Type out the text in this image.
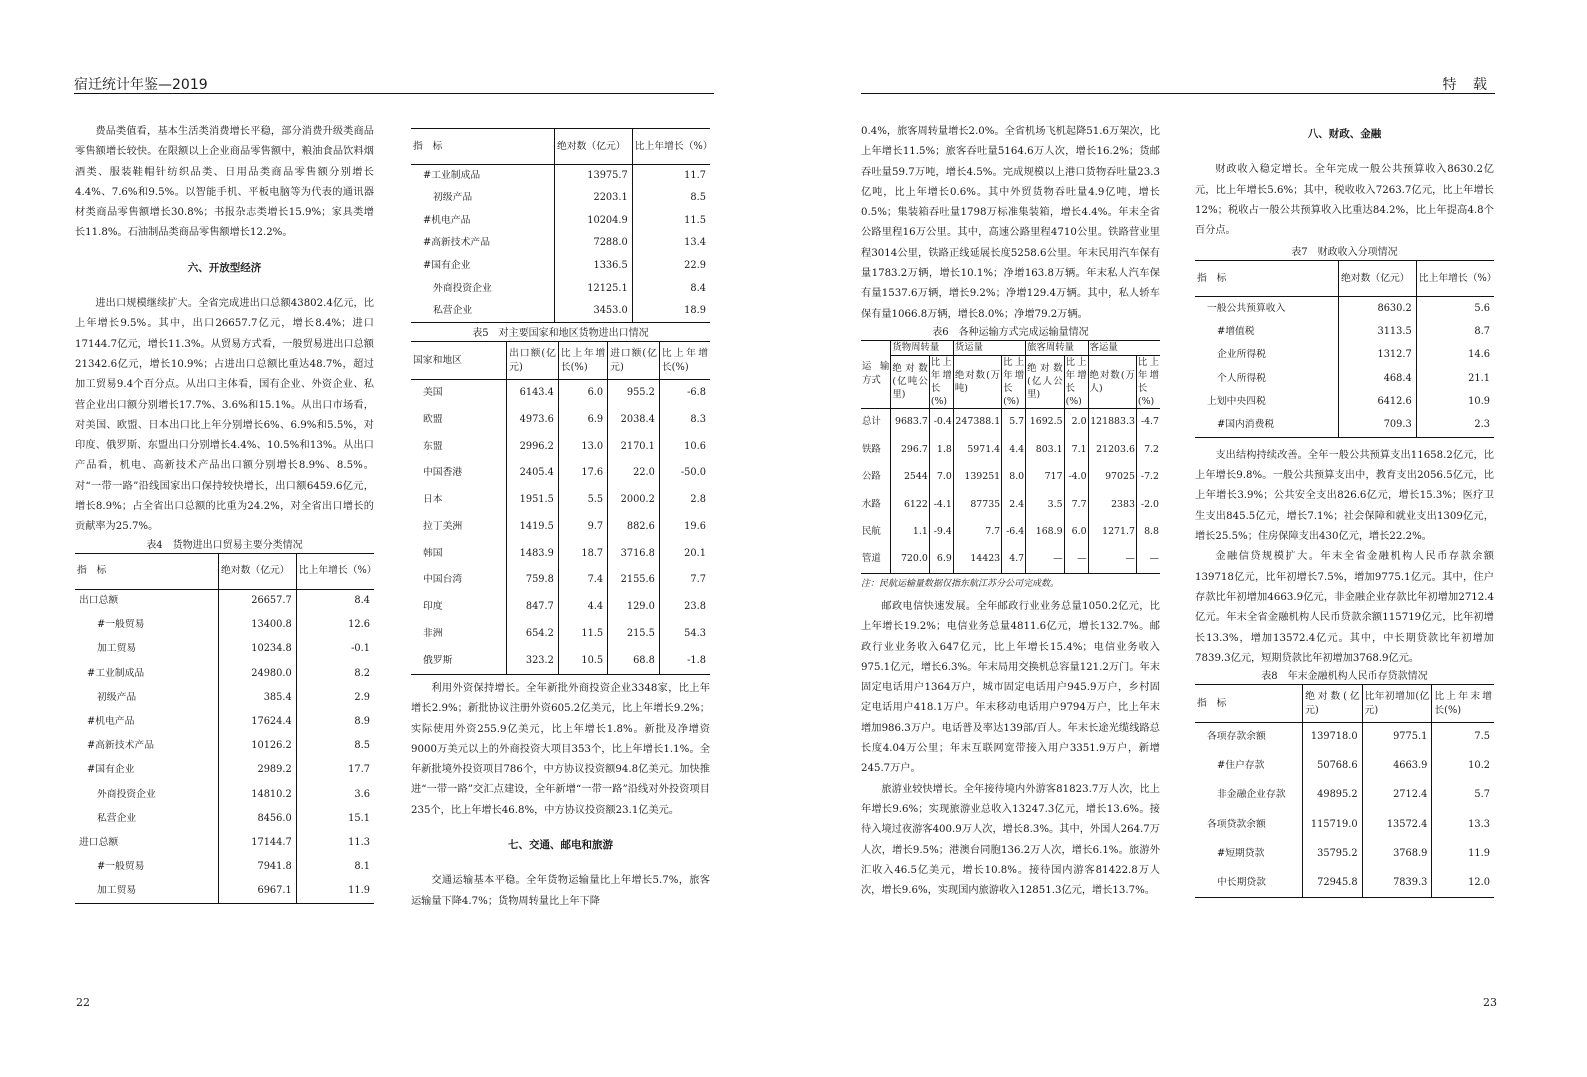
宿迁统计年鉴—2019	特 载

费品类值看，基本生活类消费增长平稳，部分消费升级类商品零售额增长较快。在限额以上企业商品零售额中，粮油食品饮料烟酒类、服装鞋帽针纺织品类、日用品类商品零售额分别增长4.4%、7.6%和9.5%。以智能手机、平板电脑等为代表的通讯器材类商品零售额增长30.8%；书报杂志类增长15.9%；家具类增长11.8%。石油制品类商品零售额增长12.2%。

六、开放型经济

进出口规模继续扩大。全省完成进出口总额43802.4亿元，比上年增长9.5%。其中，出口26657.7亿元，增长8.4%；进口17144.7亿元，增长11.3%。从贸易方式看，一般贸易进出口总额21342.6亿元，增长10.9%；占进出口总额比重达48.7%，超过加工贸易9.4个百分点。从出口主体看，国有企业、外资企业、私营企业出口额分别增长17.7%、3.6%和15.1%。从出口市场看，对美国、欧盟、日本出口比上年分别增长6%、6.9%和5.5%，对印度、俄罗斯、东盟出口分别增长4.4%、10.5%和13%。从出口产品看，机电、高新技术产品出口额分别增长8.9%、8.5%。对“一带一路”沿线国家出口保持较快增长，出口额6459.6亿元，增长8.9%；占全省出口总额的比重为24.2%，对全省出口增长的贡献率为25.7%。

表4　货物进出口贸易主要分类情况
指　标	绝对数（亿元）	比上年增长（%）
出口总额	26657.7	8.4
#一般贸易	13400.8	12.6
加工贸易	10234.8	-0.1
#工业制成品	24980.0	8.2
初级产品	385.4	2.9
#机电产品	17624.4	8.9
#高新技术产品	10126.2	8.5
#国有企业	2989.2	17.7
外商投资企业	14810.2	3.6
私营企业	8456.0	15.1
进口总额	17144.7	11.3
#一般贸易	7941.8	8.1
加工贸易	6967.1	11.9
指　标	绝对数（亿元）	比上年增长（%）
#工业制成品	13975.7	11.7
初级产品	2203.1	8.5
#机电产品	10204.9	11.5
#高新技术产品	7288.0	13.4
#国有企业	1336.5	22.9
外商投资企业	12125.1	8.4
私营企业	3453.0	18.9
表5　对主要国家和地区货物进出口情况
国家和地区	出口额(亿元)	比上年增长(%)	进口额(亿元)	比上年增长(%)
美国	6143.4	6.0	955.2	-6.8
欧盟	4973.6	6.9	2038.4	8.3
东盟	2996.2	13.0	2170.1	10.6
中国香港	2405.4	17.6	22.0	-50.0
日本	1951.5	5.5	2000.2	2.8
拉丁美洲	1419.5	9.7	882.6	19.6
韩国	1483.9	18.7	3716.8	20.1
中国台湾	759.8	7.4	2155.6	7.7
印度	847.7	4.4	129.0	23.8
非洲	654.2	11.5	215.5	54.3
俄罗斯	323.2	10.5	68.8	-1.8

利用外资保持增长。全年新批外商投资企业3348家，比上年增长2.9%；新批协议注册外资605.2亿美元，比上年增长9.2%；实际使用外资255.9亿美元，比上年增长1.8%。新批及净增资9000万美元以上的外商投资大项目353个，比上年增长1.1%。全年新批境外投资项目786个，中方协议投资额94.8亿美元。加快推进“一带一路”交汇点建设，全年新增“一带一路”沿线对外投资项目235个，比上年增长46.8%，中方协议投资额23.1亿美元。

七、交通、邮电和旅游

交通运输基本平稳。全年货物运输量比上年增长5.7%，旅客运输量下降4.7%；货物周转量比上年下降

0.4%，旅客周转量增长2.0%。全省机场飞机起降51.6万架次，比上年增长11.5%；旅客吞吐量5164.6万人次，增长16.2%；货邮吞吐量59.7万吨，增长4.5%。完成规模以上港口货物吞吐量23.3亿吨，比上年增长0.6%。其中外贸货物吞吐量4.9亿吨，增长0.5%；集装箱吞吐量1798万标准集装箱，增长4.4%。年末全省公路里程16万公里。其中，高速公路里程4710公里。铁路营业里程3014公里，铁路正线延展长度5258.6公里。年末民用汽车保有量1783.2万辆，增长10.1%；净增163.8万辆。年末私人汽车保有量1537.6万辆，增长9.2%；净增129.4万辆。其中，私人轿车保有量1066.8万辆，增长8.0%；净增79.2万辆。

表6　各种运输方式完成运输量情况
运输方式	货物周转量		货运量		旅客周转量		客运量	
	绝对数(亿吨公里)	比上年增长(%)	绝对数(万吨)	比上年增长(%)	绝对数(亿人公里)	比上年增长(%)	绝对数(万人)	比上年增长(%)
总计	9683.7	-0.4	247388.1	5.7	1692.5	2.0	121883.3	-4.7
铁路	296.7	1.8	5971.4	4.4	803.1	7.1	21203.6	7.2
公路	2544	7.0	139251	8.0	717	-4.0	97025	-7.2
水路	6122	-4.1	87735	2.4	3.5	7.7	2383	-2.0
民航	1.1	-9.4	7.7	-6.4	168.9	6.0	1271.7	8.8
管道	720.0	6.9	14423	4.7	—	—	—	—
注：民航运输量数据仅指东航江苏分公司完成数。

邮政电信快速发展。全年邮政行业业务总量1050.2亿元，比上年增长19.2%；电信业务总量4811.6亿元，增长132.7%。邮政行业业务收入647亿元，比上年增长15.4%；电信业务收入975.1亿元，增长6.3%。年末局用交换机总容量121.2万门。年末固定电话用户1364万户，城市固定电话用户945.9万户，乡村固定电话用户418.1万户。年末移动电话用户9794万户，比上年末增加986.3万户。电话普及率达139部/百人。年末长途光缆线路总长度4.04万公里；年末互联网宽带接入用户3351.9万户，新增245.7万户。

旅游业较快增长。全年接待境内外游客81823.7万人次，比上年增长9.6%；实现旅游业总收入13247.3亿元，增长13.6%。接待入境过夜游客400.9万人次，增长8.3%。其中，外国人264.7万人次，增长9.5%；港澳台同胞136.2万人次，增长6.1%。旅游外汇收入46.5亿美元，增长10.8%。接待国内游客81422.8万人次，增长9.6%，实现国内旅游收入12851.3亿元，增长13.7%。

八、财政、金融

财政收入稳定增长。全年完成一般公共预算收入8630.2亿元，比上年增长5.6%；其中，税收收入7263.7亿元，比上年增长12%；税收占一般公共预算收入比重达84.2%，比上年提高4.8个百分点。

表7　财政收入分项情况
指　标	绝对数（亿元）	比上年增长（%）
一般公共预算收入	8630.2	5.6
#增值税	3113.5	8.7
企业所得税	1312.7	14.6
个人所得税	468.4	21.1
上划中央四税	6412.6	10.9
#国内消费税	709.3	2.3

支出结构持续改善。全年一般公共预算支出11658.2亿元，比上年增长9.8%。一般公共预算支出中，教育支出2056.5亿元，比上年增长3.9%；公共安全支出826.6亿元，增长15.3%；医疗卫生支出845.5亿元，增长7.1%；社会保障和就业支出1309亿元，增长25.5%；住房保障支出430亿元，增长22.2%。

金融信贷规模扩大。年末全省金融机构人民币存款余额139718亿元，比年初增长7.5%，增加9775.1亿元。其中，住户存款比年初增加4663.9亿元，非金融企业存款比年初增加2712.4亿元。年末全省金融机构人民币贷款余额115719亿元，比年初增长13.3%，增加13572.4亿元。其中，中长期贷款比年初增加7839.3亿元，短期贷款比年初增加3768.9亿元。

表8　年末金融机构人民币存贷款情况
指　标	绝对数(亿元)	比年初增加(亿元)	比上年末增长(%)
各项存款余额	139718.0	9775.1	7.5
#住户存款	50768.6	4663.9	10.2
非金融企业存款	49895.2	2712.4	5.7
各项贷款余额	115719.0	13572.4	13.3
#短期贷款	35795.2	3768.9	11.9
中长期贷款	72945.8	7839.3	12.0
22	23
